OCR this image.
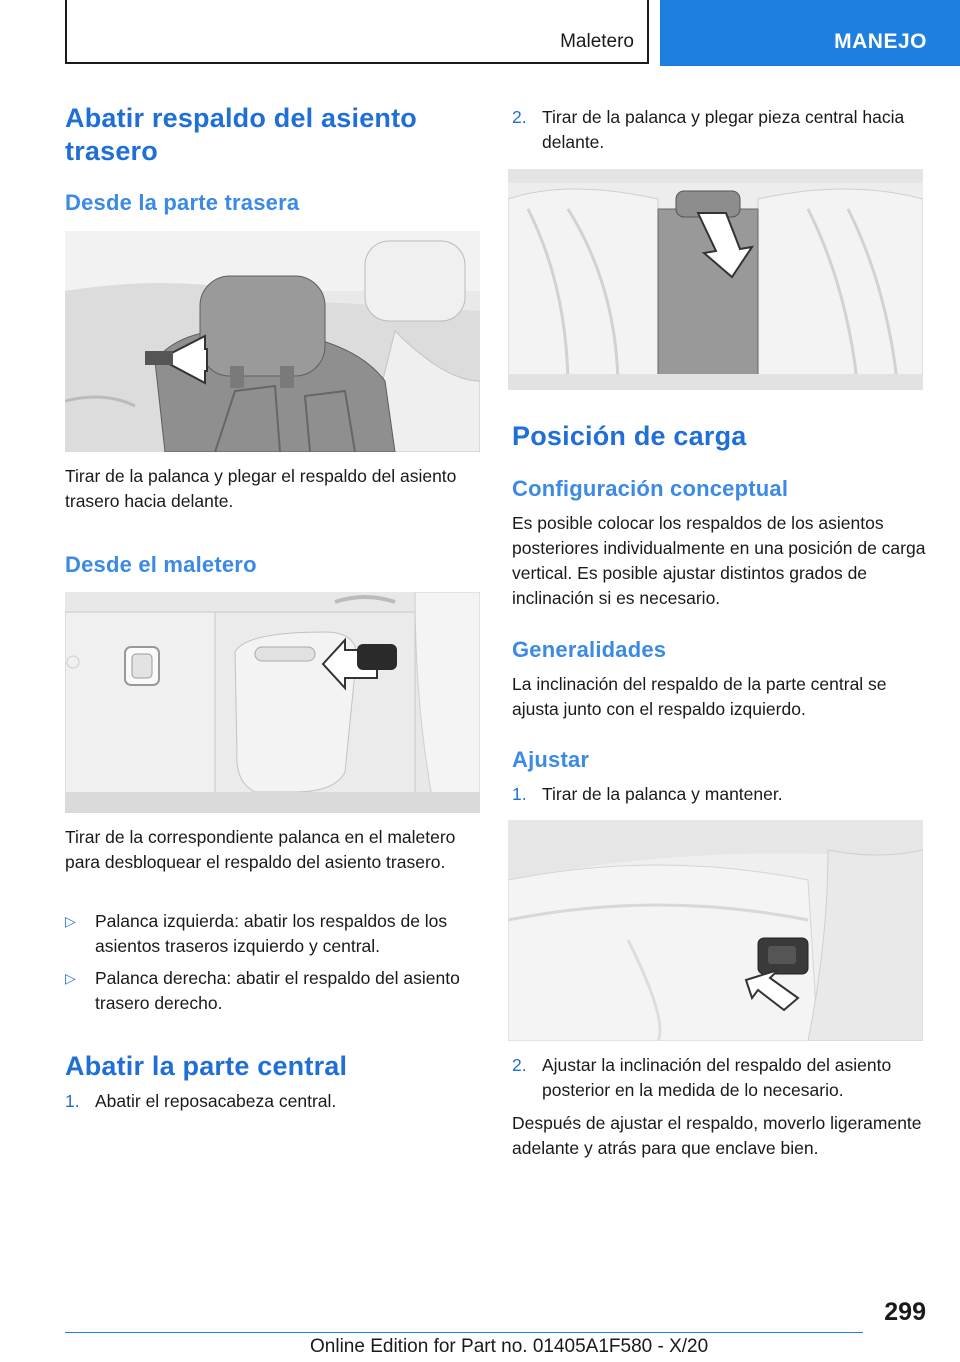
Maletero	MANEJO
Abatir respaldo del asiento trasero
Desde la parte trasera

Tirar de la palanca y plegar el respaldo del asiento trasero hacia delante.

Desde el maletero

Tirar de la correspondiente palanca en el maletero para desbloquear el respaldo del asiento trasero.

▷	Palanca izquierda: abatir los respaldos de los asientos traseros izquierdo y central.
▷	Palanca derecha: abatir el respaldo del asiento trasero derecho.
Abatir la parte central
1. Abatir el reposacabeza central.
2. Tirar de la palanca y plegar pieza central hacia delante.
Posición de carga
Configuración conceptual

Es posible colocar los respaldos de los asientos posteriores individualmente en una posición de carga vertical. Es posible ajustar distintos grados de inclinación si es necesario.

Generalidades

La inclinación del respaldo de la parte central se ajusta junto con el respaldo izquierdo.

Ajustar
1. Tirar de la palanca y mantener.
2. Ajustar la inclinación del respaldo del asiento posterior en la medida de lo necesario.

Después de ajustar el respaldo, moverlo ligeramente adelante y atrás para que enclave bien.

299
Online Edition for Part no. 01405A1F580 - X/20
